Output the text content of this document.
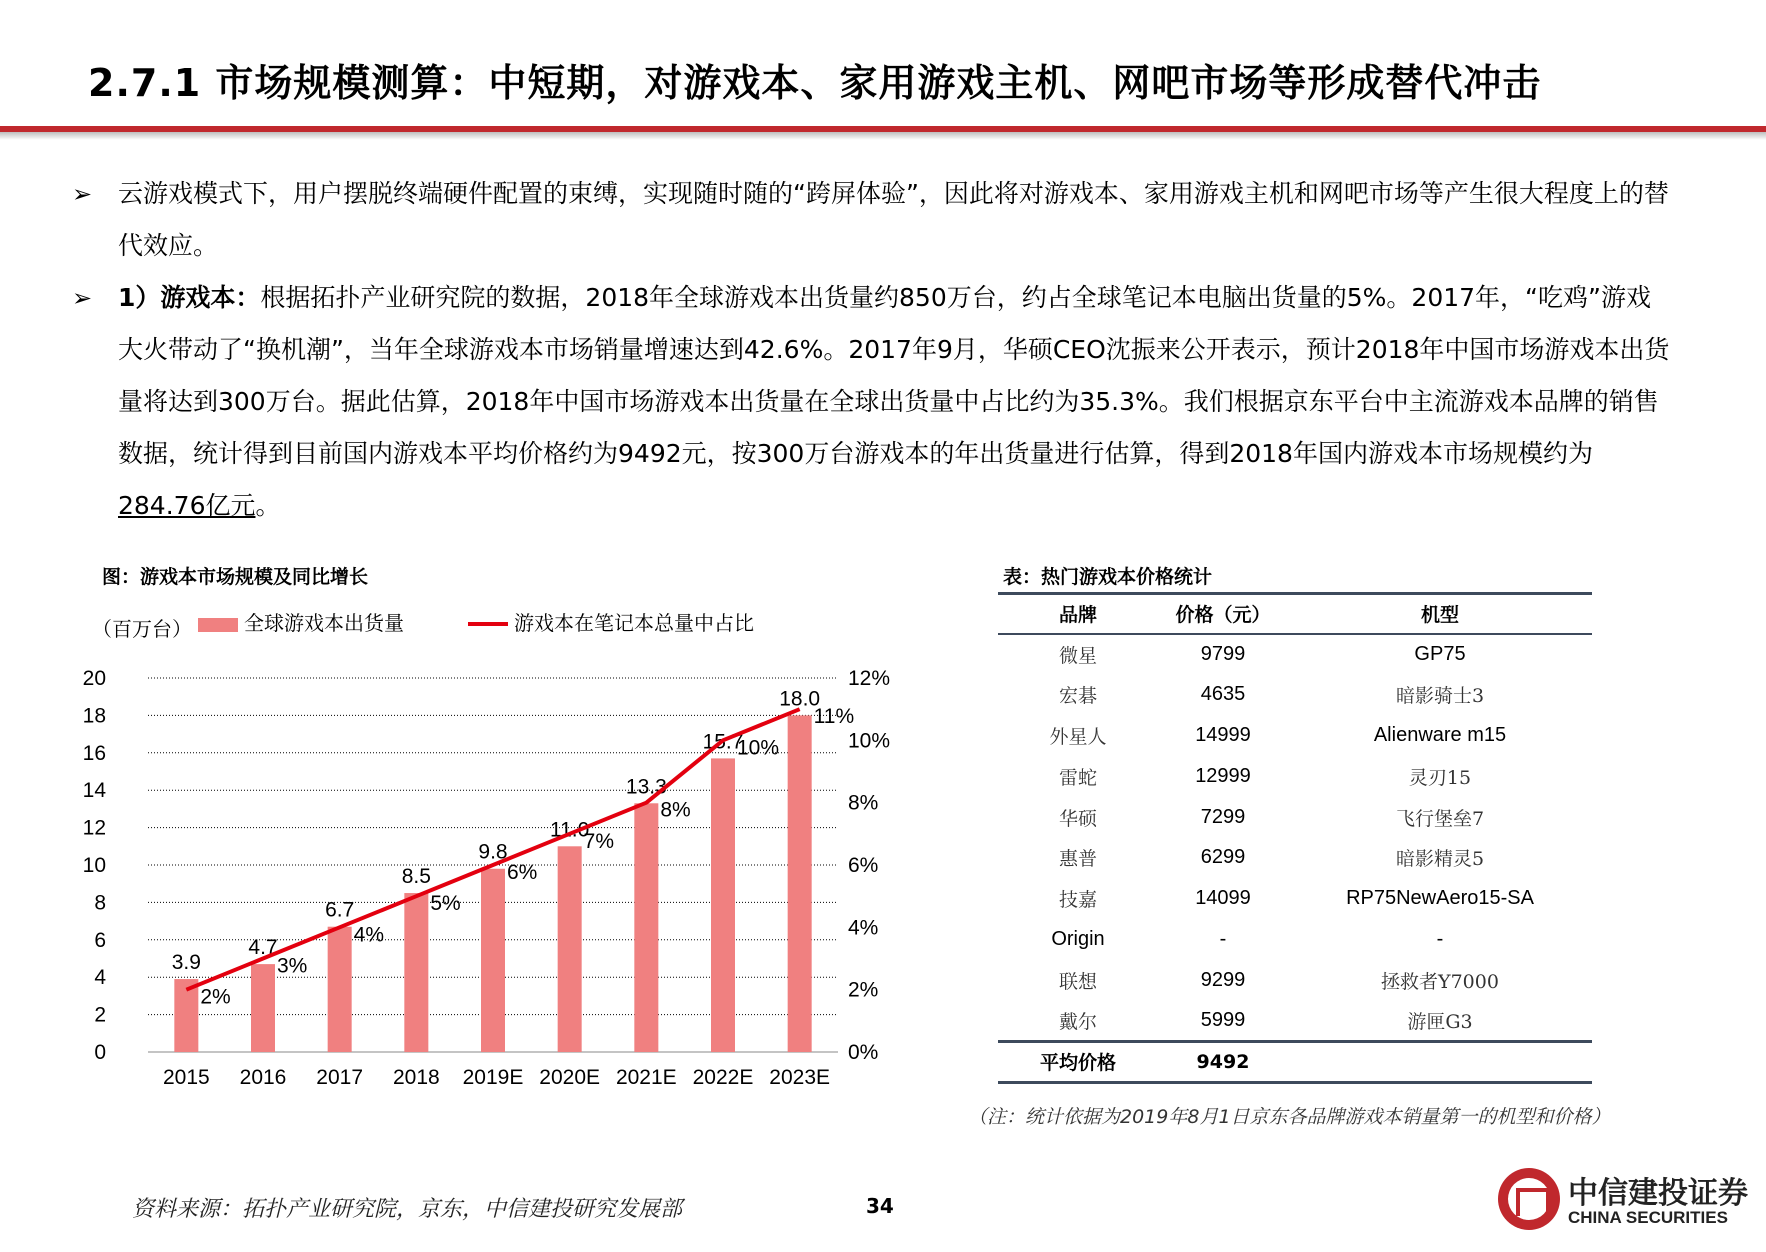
2.7.1 市场规模测算：中短期，对游戏本、家用游戏主机、网吧市场等形成替代冲击
➢ 云游戏模式下，用户摆脱终端硬件配置的束缚，实现随时随的“跨屏体验”，因此将对游戏本、家用游戏主机和网吧市场等产生很大程度上的替代效应。
➢ 1）游戏本：根据拓扑产业研究院的数据，2018年全球游戏本出货量约850万台，约占全球笔记本电脑出货量的5%。2017年，“吃鸡”游戏大火带动了“换机潮”，当年全球游戏本市场销量增速达到42.6%。2017年9月，华硕CEO沈振来公开表示，预计2018年中国市场游戏本出货量将达到300万台。据此估算，2018年中国市场游戏本出货量在全球出货量中占比约为35.3%。我们根据京东平台中主流游戏本品牌的销售数据，统计得到目前国内游戏本平均价格约为9492元，按300万台游戏本的年出货量进行估算，得到2018年国内游戏本市场规模约为284.76亿元。
图：游戏本市场规模及同比增长
0
2
4
6
8
10
12
14
16
18
20
0%
2%
4%
6%
8%
10%
12%
（百万台）	全球游戏本出货量	游戏本在笔记本总量中占比
2015
3.9
2016
4.7
2017
6.7
2018
8.5
2019E
9.8
2020E
11.0
2021E
13.3
2022E
15.7
2023E
18.0
2%
3%
4%
5%
6%
7%
8%
10%
11%
表：热门游戏本价格统计
品牌	价格（元）	机型
微星	9799	GP75
宏碁	4635	暗影骑士3
外星人	14999	Alienware m15
雷蛇	12999	灵刃15
华硕	7299	飞行堡垒7
惠普	6299	暗影精灵5
技嘉	14099	RP75NewAero15-SA
Origin	-	-
联想	9299	拯救者Y7000
戴尔	5999	游匣G3
平均价格	9492	
（注：统计依据为2019年8月1日京东各品牌游戏本销量第一的机型和价格）
资料来源：拓扑产业研究院，京东，中信建投研究发展部	34	中信建投证券
CHINA SECURITIES
